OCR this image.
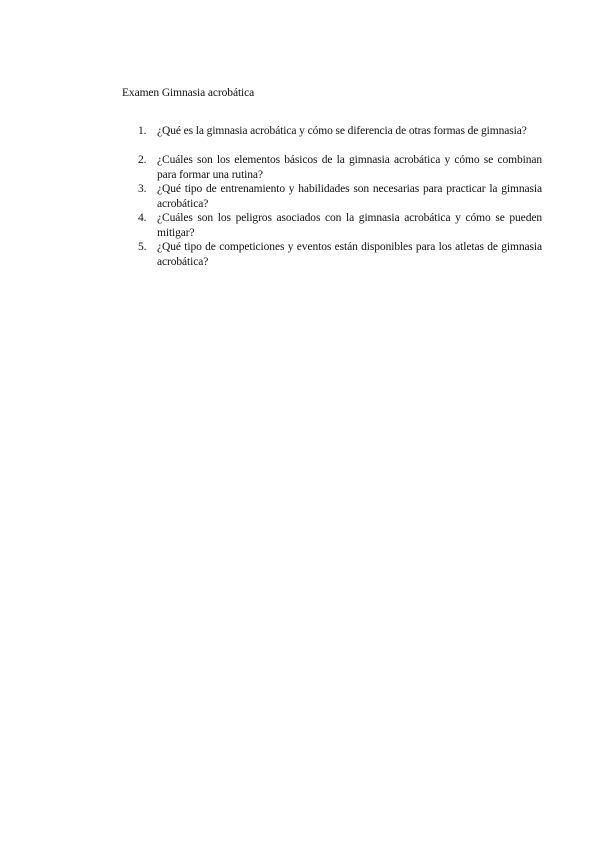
Examen Gimnasia acrobática
1. ¿Qué es la gimnasia acrobática y cómo se diferencia de otras formas de gimnasia?
2. ¿Cuáles son los elementos básicos de la gimnasia acrobática y cómo se combinan para formar una rutina?
3. ¿Qué tipo de entrenamiento y habilidades son necesarias para practicar la gimnasia acrobática?
4. ¿Cuáles son los peligros asociados con la gimnasia acrobática y cómo se pueden mitigar?
5. ¿Qué tipo de competiciones y eventos están disponibles para los atletas de gimnasia acrobática?
